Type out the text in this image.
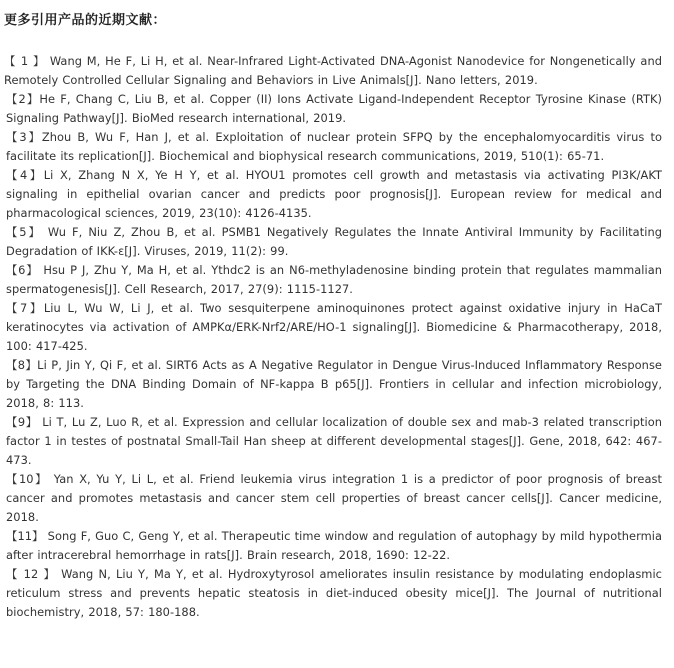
更多引用产品的近期文献：
【 1 】 Wang M, He F, Li H, et al. Near-Infrared Light-Activated DNA-Agonist Nanodevice for Nongenetically and Remotely Controlled Cellular Signaling and Behaviors in Live Animals[J]. Nano letters, 2019.
【2】He F, Chang C, Liu B, et al. Copper (II) Ions Activate Ligand-Independent Receptor Tyrosine Kinase (RTK) Signaling Pathway[J]. BioMed research international, 2019.
【3】Zhou B, Wu F, Han J, et al. Exploitation of nuclear protein SFPQ by the encephalomyocarditis virus to facilitate its replication[J]. Biochemical and biophysical research communications, 2019, 510(1): 65-71.
【4】Li X, Zhang N X, Ye H Y, et al. HYOU1 promotes cell growth and metastasis via activating PI3K/AKT signaling in epithelial ovarian cancer and predicts poor prognosis[J]. European review for medical and pharmacological sciences, 2019, 23(10): 4126-4135.
【5】 Wu F, Niu Z, Zhou B, et al. PSMB1 Negatively Regulates the Innate Antiviral Immunity by Facilitating Degradation of IKK-ε[J]. Viruses, 2019, 11(2): 99.
【6】 Hsu P J, Zhu Y, Ma H, et al. Ythdc2 is an N6-methyladenosine binding protein that regulates mammalian spermatogenesis[J]. Cell Research, 2017, 27(9): 1115-1127.
【7】Liu L, Wu W, Li J, et al. Two sesquiterpene aminoquinones protect against oxidative injury in HaCaT keratinocytes via activation of AMPKα/ERK-Nrf2/ARE/HO-1 signaling[J]. Biomedicine & Pharmacotherapy, 2018, 100: 417-425.
【8】Li P, Jin Y, Qi F, et al. SIRT6 Acts as A Negative Regulator in Dengue Virus-Induced Inflammatory Response by Targeting the DNA Binding Domain of NF-kappa B p65[J]. Frontiers in cellular and infection microbiology, 2018, 8: 113.
【9】 Li T, Lu Z, Luo R, et al. Expression and cellular localization of double sex and mab-3 related transcription factor 1 in testes of postnatal Small-Tail Han sheep at different developmental stages[J]. Gene, 2018, 642: 467-473.
【10】 Yan X, Yu Y, Li L, et al. Friend leukemia virus integration 1 is a predictor of poor prognosis of breast cancer and promotes metastasis and cancer stem cell properties of breast cancer cells[J]. Cancer medicine, 2018.
【11】 Song F, Guo C, Geng Y, et al. Therapeutic time window and regulation of autophagy by mild hypothermia after intracerebral hemorrhage in rats[J]. Brain research, 2018, 1690: 12-22.
【 12 】 Wang N, Liu Y, Ma Y, et al. Hydroxytyrosol ameliorates insulin resistance by modulating endoplasmic reticulum stress and prevents hepatic steatosis in diet-induced obesity mice[J]. The Journal of nutritional biochemistry, 2018, 57: 180-188.
